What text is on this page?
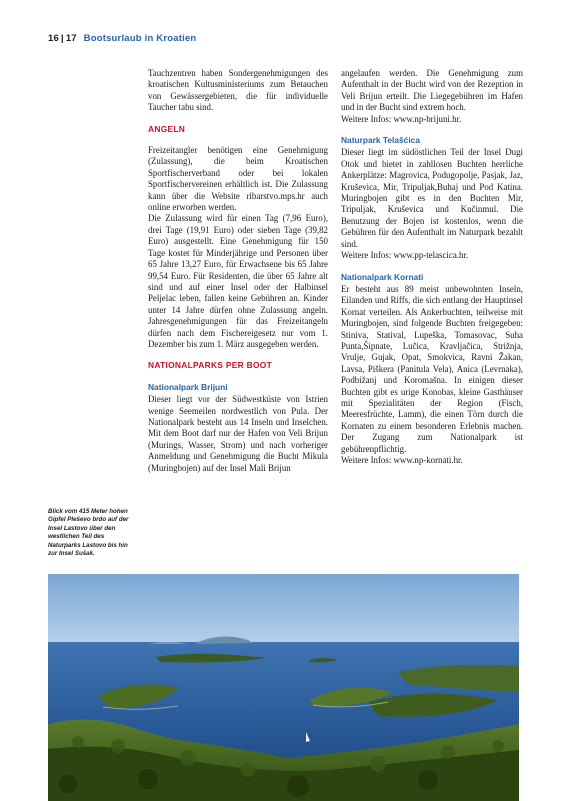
16 | 17 Bootsurlaub in Kroatien

Tauchzentren haben Sondergenehmigungen des kroatischen Kultusministeriums zum Betauchen von Gewässergebieten, die für individuelle Taucher tabu sind.

ANGELN

Freizeitangler benötigen eine Genehmigung (Zulassung), die beim Kroatischen Sportfischerverband oder bei lokalen Sportfischervereinen erhältlich ist. Die Zulassung kann über die Website ribarstvo.mps.hr auch online erworben werden.

Die Zulassung wird für einen Tag (7,96 Euro), drei Tage (19,91 Euro) oder sieben Tage (39,82 Euro) ausgestellt. Eine Genehmigung für 150 Tage kostet für Minderjährige und Personen über 65 Jahre 13,27 Euro, für Erwachsene bis 65 Jahre 99,54 Euro. Für Residenten, die über 65 Jahre alt sind und auf einer Insel oder der Halbinsel Peljelac leben, fallen keine Gebühren an. Kinder unter 14 Jahre dürfen ohne Zulassung angeln. Jahresgenehmigungen für das Freizeitangeln dürfen nach dem Fischereigesetz nur vom 1. Dezember bis zum 1. März ausgegeben werden.

NATIONALPARKS PER BOOT
Nationalpark Brijuni

Dieser liegt vor der Südwestküste von Istrien wenige Seemeilen nordwestlich von Pula. Der Nationalpark besteht aus 14 Inseln und Inselchen. Mit dem Boot darf nur der Hafen von Veli Brijun (Murings, Wasser, Strom) und nach vorheriger Anmeldung und Genehmigung die Bucht Mikula (Muringbojen) auf der Insel Mali Brijun

angelaufen werden. Die Genehmigung zum Aufenthalt in der Bucht wird von der Rezeption in Veli Brijun erteilt. Die Liegegebühren im Hafen und in der Bucht sind extrem hoch.

Weitere Infos: www.np-brijuni.hr.

Naturpark Telašćica

Dieser liegt im südöstlichen Teil der Insel Dugi Otok und bietet in zahllosen Buchten herrliche Ankerplätze: Magrovica, Podugopolje, Pasjak, Jaz, Kruševica, Mir, Tripuljak,Buhaj und Pod Katina. Muringbojen gibt es in den Buchten Mir, Tripuljak, Kruševica und Kučinmul. Die Benutzung der Bojen ist kostenlos, wenn die Gebühren für den Aufenthalt im Naturpark bezahlt sind.

Weitere Infos: www.pp-telascica.hr.

Nationalpark Kornati

Er besteht aus 89 meist unbewohnten Inseln, Eilanden und Riffs, die sich entlang der Hauptinsel Kornat verteilen. Als Ankerbuchten, teilweise mit Muringbojen, sind folgende Buchten freigegeben: Stiniva, Statival, Lupeška, Tomasovac, Suha Punta,Šipnate, Lučica, Kravljačica, Strižnja, Vrulje, Gujak, Opat, Smokvica, Ravni Žakan, Lavsa, Piškera (Panitula Vela), Anica (Levrnaka), Podbižanj und Koromašna. In einigen dieser Buchten gibt es urige Konobas, kleine Gasthäuser mit Spezialitäten der Region (Fisch, Meeresfrüchte, Lamm), die einen Törn durch die Kornaten zu einem besonderen Erlebnis machen. Der Zugang zum Nationalpark ist gebührenpflichtig.

Weitere Infos: www.np-kornati.hr.

Blick vom 415 Meter hohen Gipfel Pleševo brdo auf der Insel Lastovo über den westlichen Teil des Naturparks Lastovo bis hin zur Insel Sušak.
